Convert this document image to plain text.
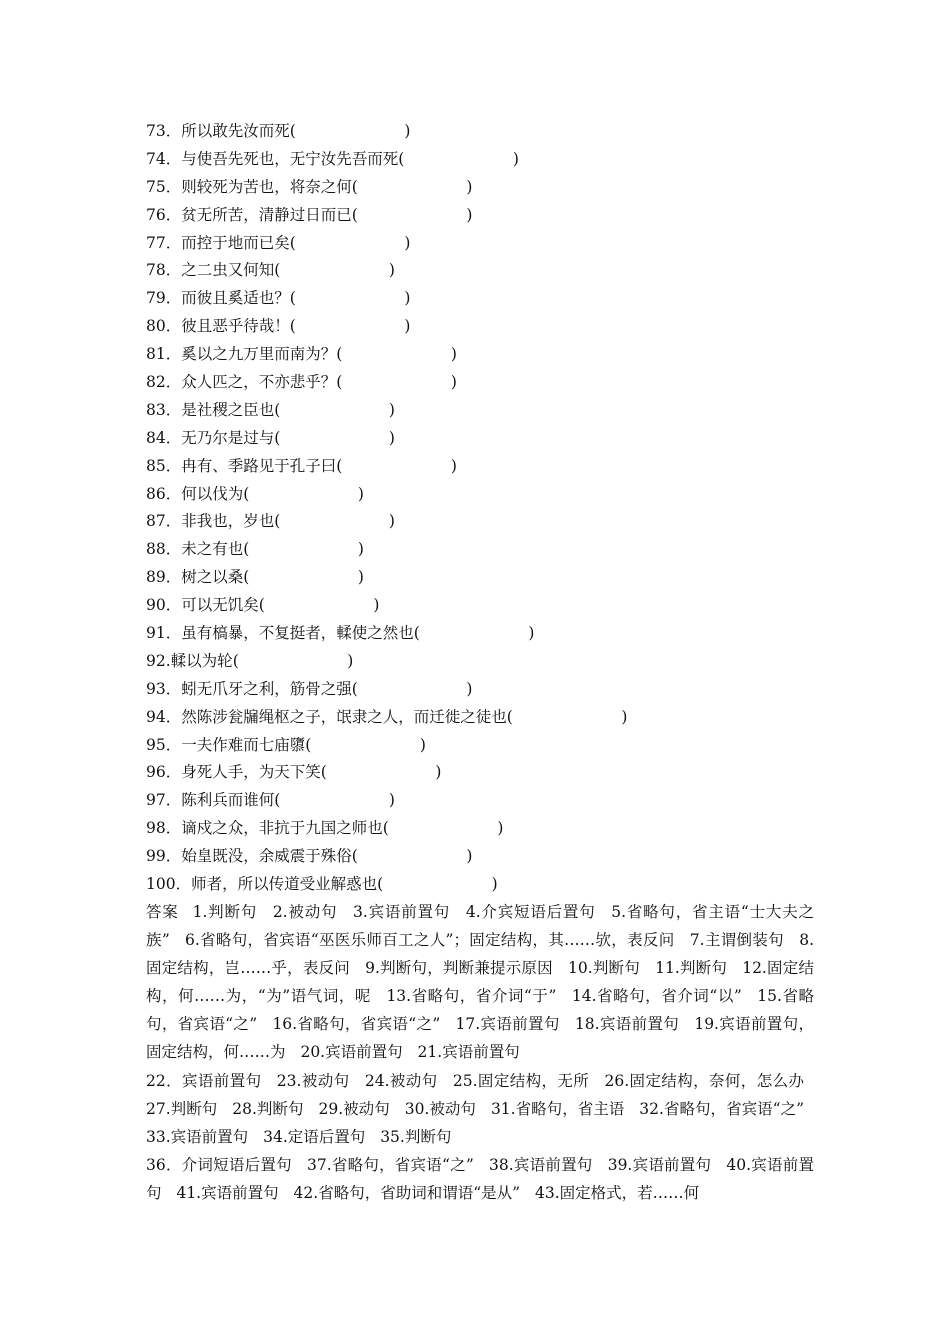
73．所以敢先汝而死(　　　　　　　)
74．与使吾先死也，无宁汝先吾而死(　　　　　　　)
75．则较死为苦也，将奈之何(　　　　　　　)
76．贫无所苦，清静过日而已(　　　　　　　)
77．而控于地而已矣(　　　　　　　)
78．之二虫又何知(　　　　　　　)
79．而彼且奚适也？(　　　　　　　)
80．彼且恶乎待哉！(　　　　　　　)
81．奚以之九万里而南为？(　　　　　　　)
82．众人匹之，不亦悲乎？(　　　　　　　)
83．是社稷之臣也(　　　　　　　)
84．无乃尔是过与(　　　　　　　)
85．冉有、季路见于孔子曰(　　　　　　　)
86．何以伐为(　　　　　　　)
87．非我也，岁也(　　　　　　　)
88．未之有也(　　　　　　　)
89．树之以桑(　　　　　　　)
90．可以无饥矣(　　　　　　　)
91．虽有槁暴，不复挺者，輮使之然也(　　　　　　　)
92.輮以为轮(　　　　　　　)
93．蚓无爪牙之利，筋骨之强(　　　　　　　)
94．然陈涉瓮牖绳枢之子，氓隶之人，而迁徙之徒也(　　　　　　　)
95．一夫作难而七庙隳(　　　　　　　)
96．身死人手，为天下笑(　　　　　　　)
97．陈利兵而谁何(　　　　　　　)
98．谪戍之众，非抗于九国之师也(　　　　　　　)
99．始皇既没，余威震于殊俗(　　　　　　　)
100．师者，所以传道受业解惑也(　　　　　　　)

答案 1.判断句 2.被动句 3.宾语前置句 4.介宾短语后置句 5.省略句，省主语“士大夫之族” 6.省略句，省宾语“巫医乐师百工之人”；固定结构，其……欤，表反问 7.主谓倒装句 8.固定结构，岂……乎，表反问 9.判断句，判断兼提示原因 10.判断句 11.判断句 12.固定结构，何……为，“为”语气词，呢 13.省略句，省介词“于” 14.省略句，省介词“以” 15.省略句，省宾语“之” 16.省略句，省宾语“之” 17.宾语前置句 18.宾语前置句 19.宾语前置句，固定结构，何……为 20.宾语前置句 21.宾语前置句

22．宾语前置句 23.被动句 24.被动句 25.固定结构，无所 26.固定结构，奈何，怎么办 27.判断句 28.判断句 29.被动句 30.被动句 31.省略句，省主语 32.省略句，省宾语“之” 33.宾语前置句 34.定语后置句 35.判断句

36．介词短语后置句 37.省略句，省宾语“之” 38.宾语前置句 39.宾语前置句 40.宾语前置句 41.宾语前置句 42.省略句，省助词和谓语“是从” 43.固定格式，若……何
